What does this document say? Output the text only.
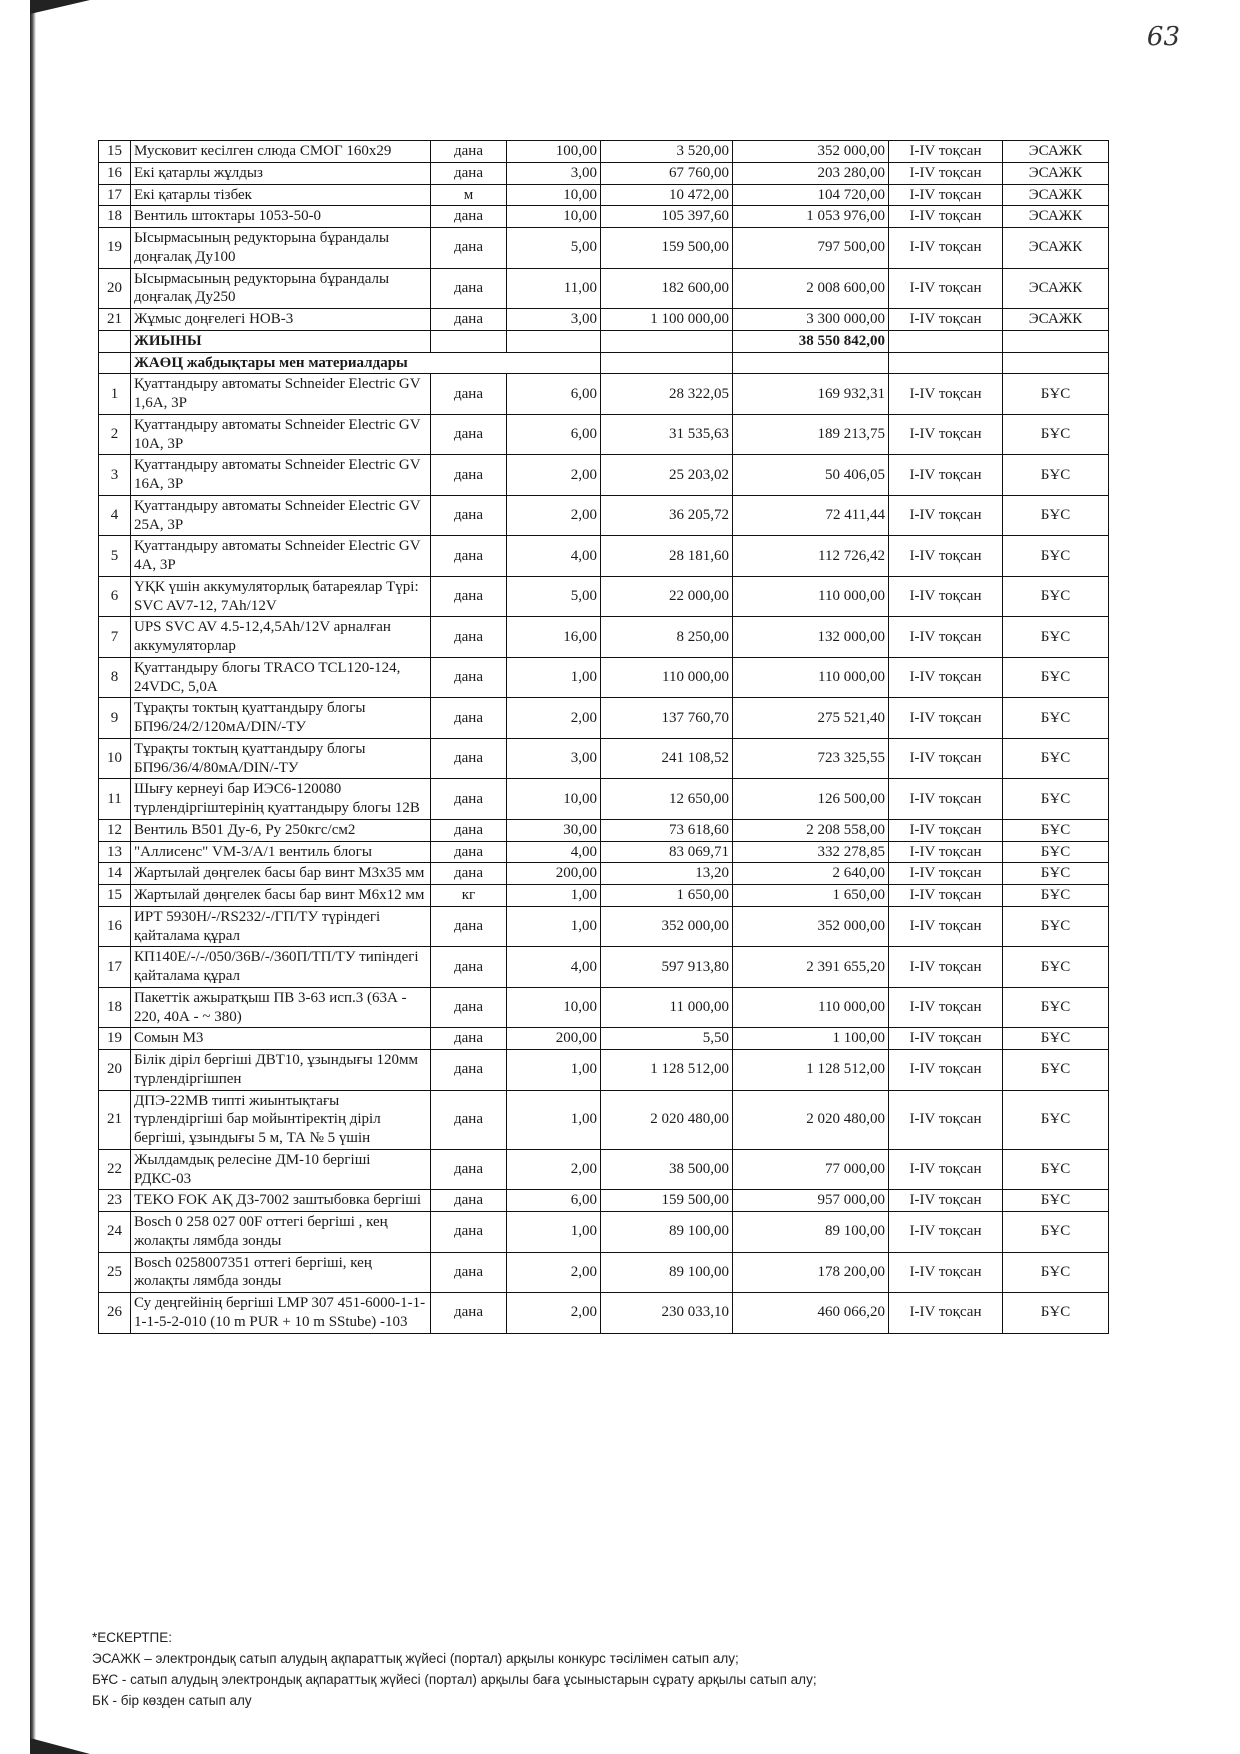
63
15	Мусковит кесілген слюда СМОГ 160х29	дана	100,00	3 520,00	352 000,00	I-IV тоқсан	ЭСАЖК
16	Екі қатарлы жұлдыз	дана	3,00	67 760,00	203 280,00	I-IV тоқсан	ЭСАЖК
17	Екі қатарлы тізбек	м	10,00	10 472,00	104 720,00	I-IV тоқсан	ЭСАЖК
18	Вентиль штоктары 1053-50-0	дана	10,00	105 397,60	1 053 976,00	I-IV тоқсан	ЭСАЖК
19	Ысырмасының редукторына бұрандалы доңғалақ Ду100	дана	5,00	159 500,00	797 500,00	I-IV тоқсан	ЭСАЖК
20	Ысырмасының редукторына бұрандалы доңғалақ Ду250	дана	11,00	182 600,00	2 008 600,00	I-IV тоқсан	ЭСАЖК
21	Жұмыс доңғелегі НОВ-3	дана	3,00	1 100 000,00	3 300 000,00	I-IV тоқсан	ЭСАЖК
	ЖИЫНЫ				38 550 842,00		
	ЖАӨЦ жабдықтары мен материалдары						
1	Қуаттандыру автоматы Schneider Electric GV 1,6A, 3P	дана	6,00	28 322,05	169 932,31	I-IV тоқсан	БҰС
2	Қуаттандыру автоматы Schneider Electric GV 10A, 3P	дана	6,00	31 535,63	189 213,75	I-IV тоқсан	БҰС
3	Қуаттандыру автоматы Schneider Electric GV 16A, 3P	дана	2,00	25 203,02	50 406,05	I-IV тоқсан	БҰС
4	Қуаттандыру автоматы Schneider Electric GV 25A, 3P	дана	2,00	36 205,72	72 411,44	I-IV тоқсан	БҰС
5	Қуаттандыру автоматы Schneider Electric GV 4A, 3P	дана	4,00	28 181,60	112 726,42	I-IV тоқсан	БҰС
6	ҮҚК үшін аккумуляторлық батареялар Түрі: SVC AV7-12, 7Ah/12V	дана	5,00	22 000,00	110 000,00	I-IV тоқсан	БҰС
7	UPS SVC AV 4.5-12,4,5Ah/12V арналған аккумуляторлар	дана	16,00	8 250,00	132 000,00	I-IV тоқсан	БҰС
8	Қуаттандыру блогы TRACO TCL120-124, 24VDC, 5,0A	дана	1,00	110 000,00	110 000,00	I-IV тоқсан	БҰС
9	Тұрақты токтың қуаттандыру блогы БП96/24/2/120мА/DIN/-ТУ	дана	2,00	137 760,70	275 521,40	I-IV тоқсан	БҰС
10	Тұрақты токтың қуаттандыру блогы БП96/36/4/80мА/DIN/-ТУ	дана	3,00	241 108,52	723 325,55	I-IV тоқсан	БҰС
11	Шығу кернеуі бар ИЭС6-120080 түрлендіргіштерінің қуаттандыру блогы 12В	дана	10,00	12 650,00	126 500,00	I-IV тоқсан	БҰС
12	Вентиль В501 Ду-6, Ру 250кгс/см2	дана	30,00	73 618,60	2 208 558,00	I-IV тоқсан	БҰС
13	"Аллисенс" VM-3/A/1 вентиль блогы	дана	4,00	83 069,71	332 278,85	I-IV тоқсан	БҰС
14	Жартылай дөңгелек басы бар винт М3х35 мм	дана	200,00	13,20	2 640,00	I-IV тоқсан	БҰС
15	Жартылай дөңгелек басы бар винт М6х12 мм	кг	1,00	1 650,00	1 650,00	I-IV тоқсан	БҰС
16	ИРТ 5930Н/-/RS232/-/ГП/ТУ түріндегі қайталама құрал	дана	1,00	352 000,00	352 000,00	I-IV тоқсан	БҰС
17	КП140Е/-/-/050/36В/-/360П/ТП/ТУ типіндегі қайталама құрал	дана	4,00	597 913,80	2 391 655,20	I-IV тоқсан	БҰС
18	Пакеттік ажыратқыш ПВ 3-63 исп.3 (63А - 220, 40А - ~ 380)	дана	10,00	11 000,00	110 000,00	I-IV тоқсан	БҰС
19	Сомын М3	дана	200,00	5,50	1 100,00	I-IV тоқсан	БҰС
20	Білік діріл бергіші ДВТ10, ұзындығы 120мм түрлендіргішпен	дана	1,00	1 128 512,00	1 128 512,00	I-IV тоқсан	БҰС
21	ДПЭ-22МВ типті жиынтықтағы түрлендіргіші бар мойынтіректің діріл бергіші, ұзындығы 5 м, ТА № 5 үшін	дана	1,00	2 020 480,00	2 020 480,00	I-IV тоқсан	БҰС
22	Жылдамдық релесіне ДМ-10 бергіші РДКС-03	дана	2,00	38 500,00	77 000,00	I-IV тоқсан	БҰС
23	TEKO FOK АҚ ДЗ-7002 заштыбовка бергіші	дана	6,00	159 500,00	957 000,00	I-IV тоқсан	БҰС
24	Bosch 0 258 027 00F оттегі бергіші , кең жолақты лямбда зонды	дана	1,00	89 100,00	89 100,00	I-IV тоқсан	БҰС
25	Bosch 0258007351 оттегі бергіші, кең жолақты лямбда зонды	дана	2,00	89 100,00	178 200,00	I-IV тоқсан	БҰС
26	Су деңгейінің бергіші LMP 307 451-6000-1-1-1-1-5-2-010 (10 m PUR + 10 m SStube) -103	дана	2,00	230 033,10	460 066,20	I-IV тоқсан	БҰС
*ЕСКЕРТПЕ:
ЭСАЖК – электрондық сатып алудың ақпараттық жүйесі (портал) арқылы конкурс тәсілімен сатып алу;
БҰС - сатып алудың электрондық ақпараттық жүйесі (портал) арқылы баға ұсыныстарын сұрату арқылы сатып алу;
БК - бір көзден сатып алу
